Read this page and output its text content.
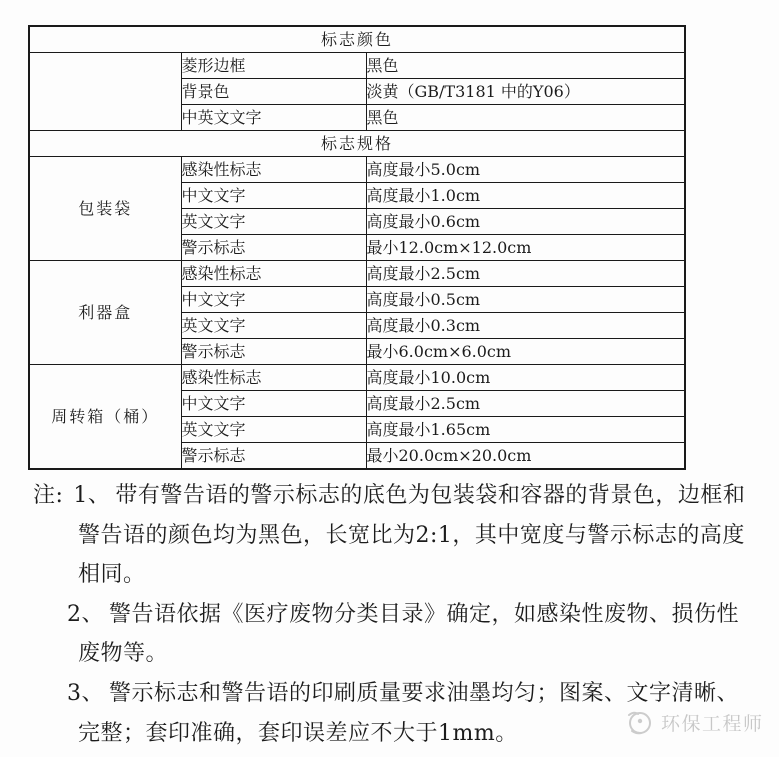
标志颜色		
	菱形边框	黑色
	背景色	淡黄（GB/T3181 中的Y06）
	中英文文字	黑色
标志规格		
包装袋	感染性标志	高度最小5.0cm
	中文文字	高度最小1.0cm
	英文文字	高度最小0.6cm
	警示标志	最小12.0cm×12.0cm
利器盒	感染性标志	高度最小2.5cm
	中文文字	高度最小0.5cm
	英文文字	高度最小0.3cm
	警示标志	最小6.0cm×6.0cm
周转箱（桶）	感染性标志	高度最小10.0cm
	中文文字	高度最小2.5cm
	英文文字	高度最小1.65cm
	警示标志	最小20.0cm×20.0cm
注: 1、 带有警告语的警示标志的底色为包装袋和容器的背景色，边框和
警告语的颜色均为黑色，长宽比为2:1，其中宽度与警示标志的高度
相同。
2、 警告语依据《医疗废物分类目录》确定，如感染性废物、损伤性
废物等。
3、 警示标志和警告语的印刷质量要求油墨均匀；图案、文字清晰、
完整；套印准确，套印误差应不大于1mm。	环保工程师
